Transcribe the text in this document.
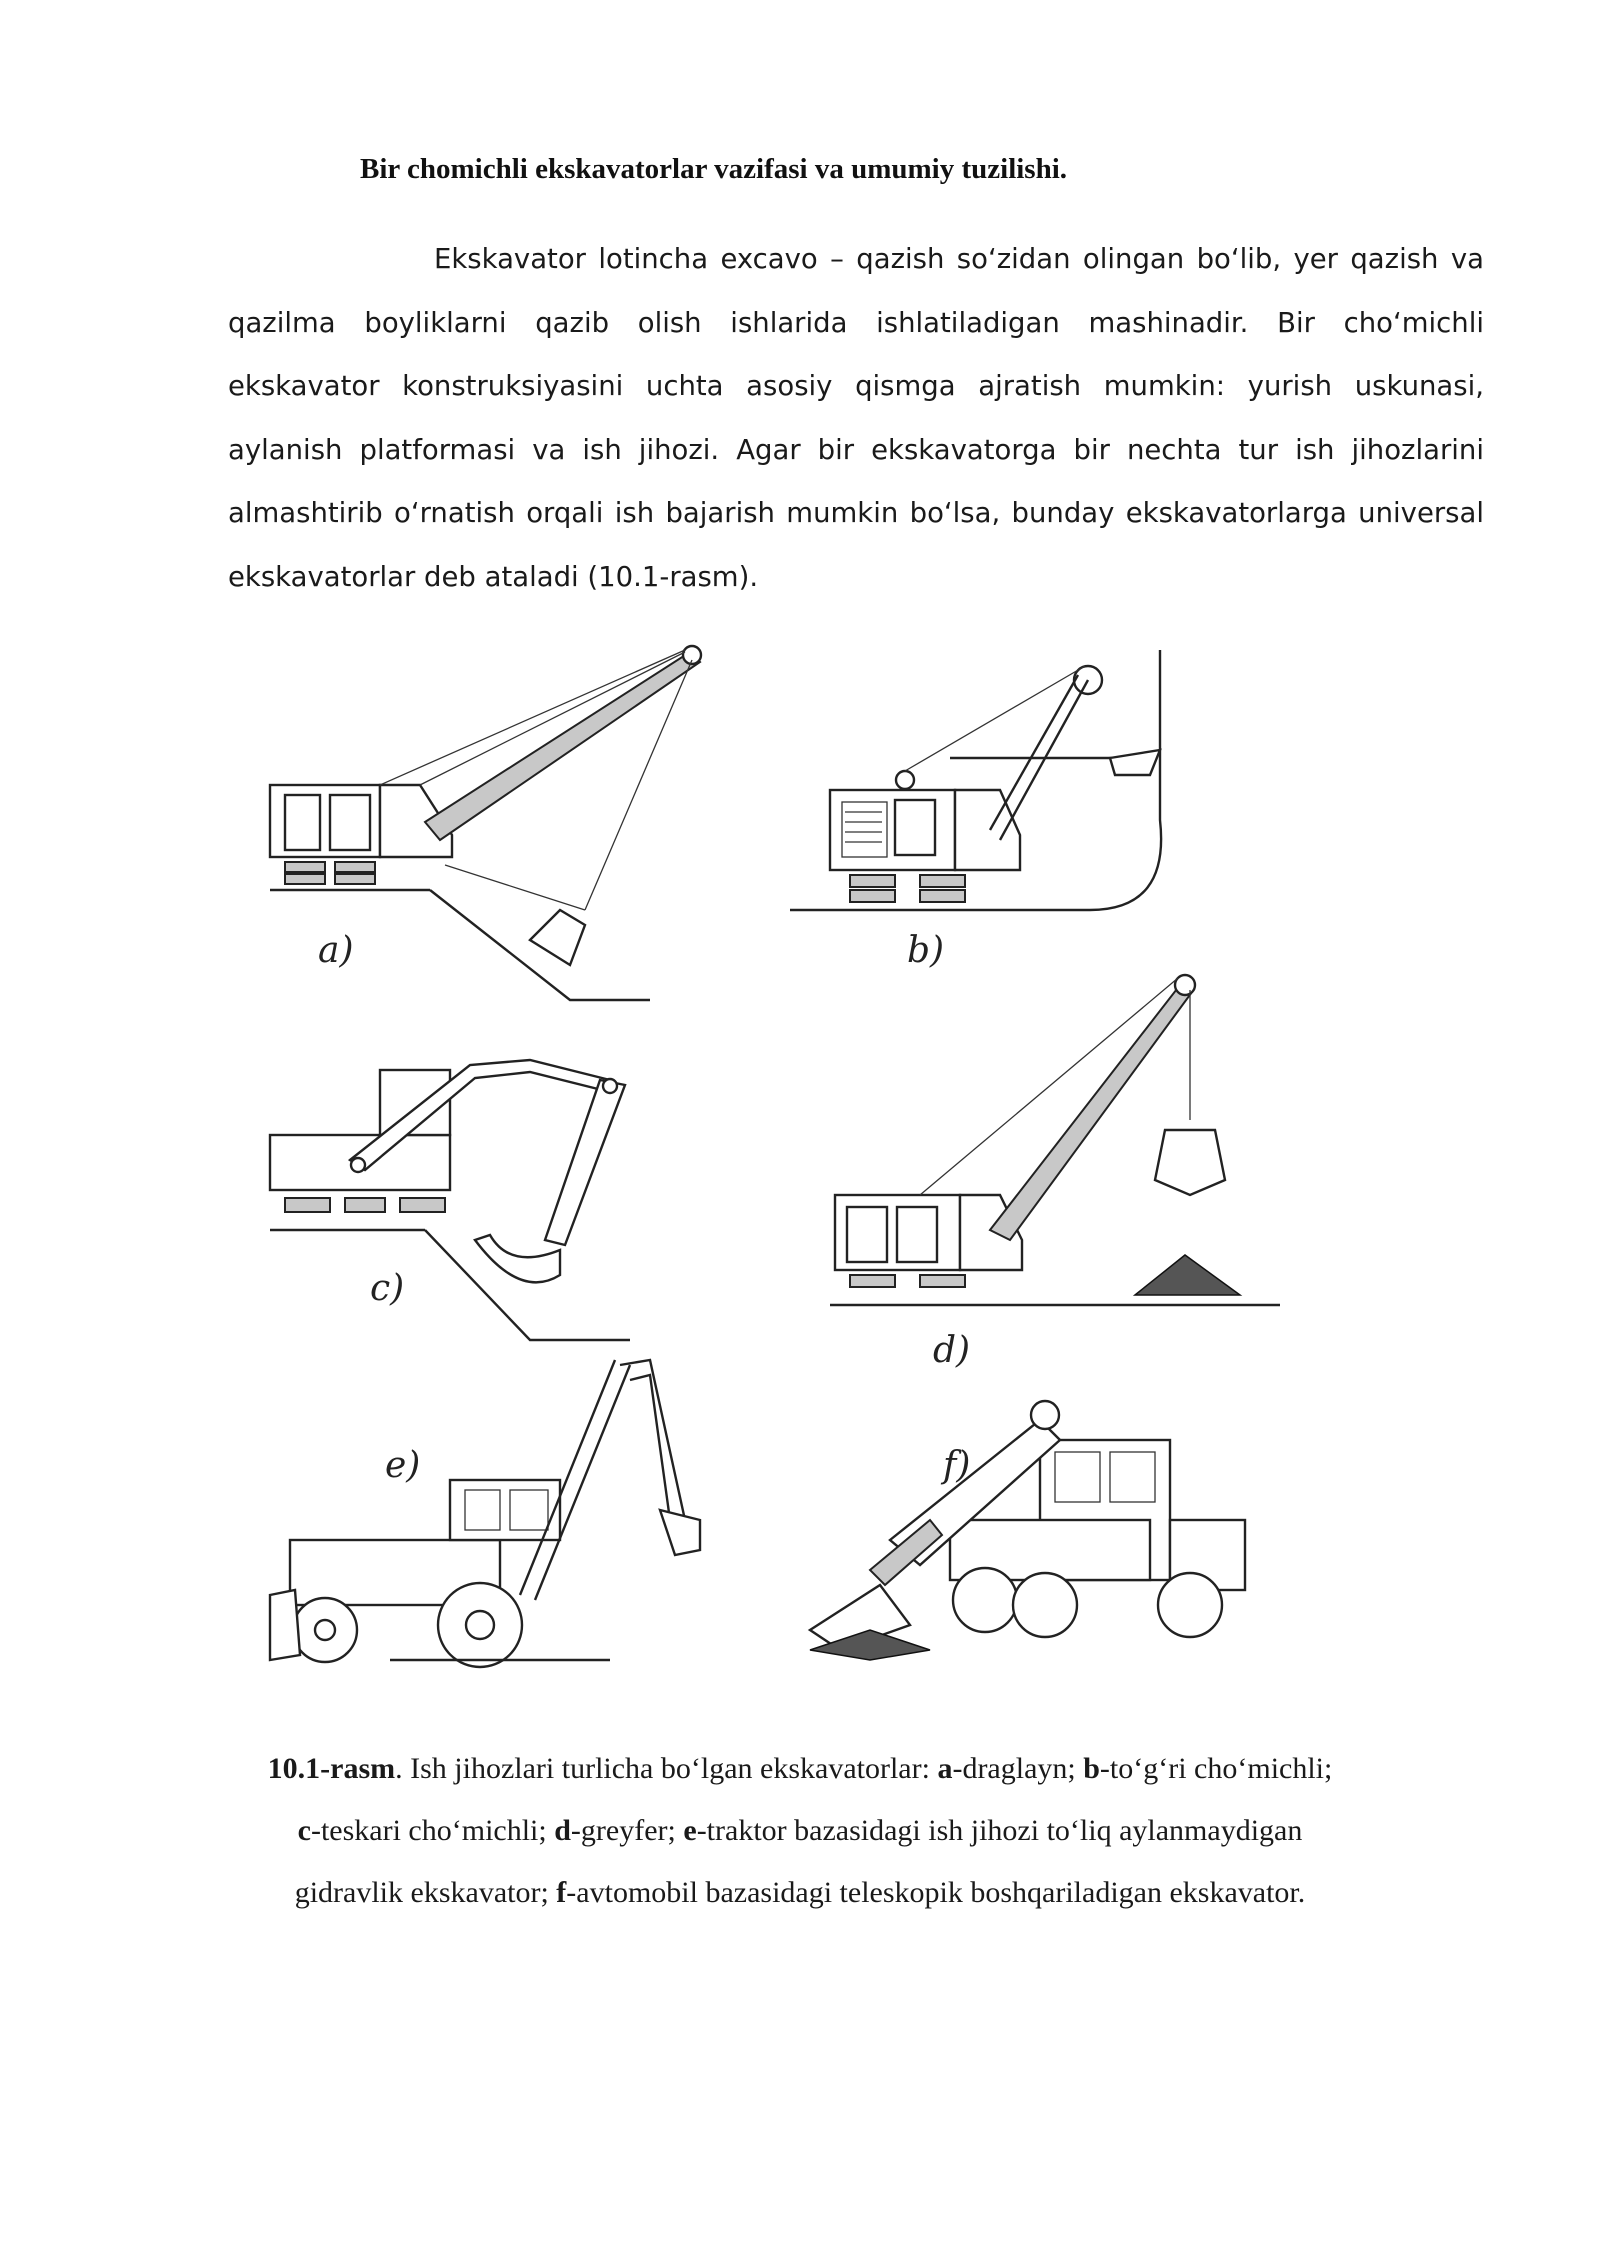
Bir chomichli ekskavatorlar vazifasi va umumiy tuzilishi.
Ekskavator lotincha excavo – qazish so‘zidan olingan bo‘lib, yer qazish va
qazilma boyliklarni qazib olish ishlarida ishlatiladigan mashinadir. Bir cho‘michli
ekskavator konstruksiyasini uchta asosiy qismga ajratish mumkin: yurish uskunasi,
aylanish platformasi va ish jihozi. Agar bir ekskavatorga bir nechta tur ish jihozlarini
almashtirib o‘rnatish orqali ish bajarish mumkin bo‘lsa, bunday ekskavatorlarga universal
ekskavatorlar deb ataladi (10.1-rasm).
a)	b)
c)
d)
e)	f)
10.1-rasm. Ish jihozlari turlicha bo‘lgan ekskavatorlar: a-draglayn; b-to‘g‘ri cho‘michli;
c-teskari cho‘michli; d-greyfer; e-traktor bazasidagi ish jihozi to‘liq aylanmaydigan
gidravlik ekskavator; f-avtomobil bazasidagi teleskopik boshqariladigan ekskavator.
